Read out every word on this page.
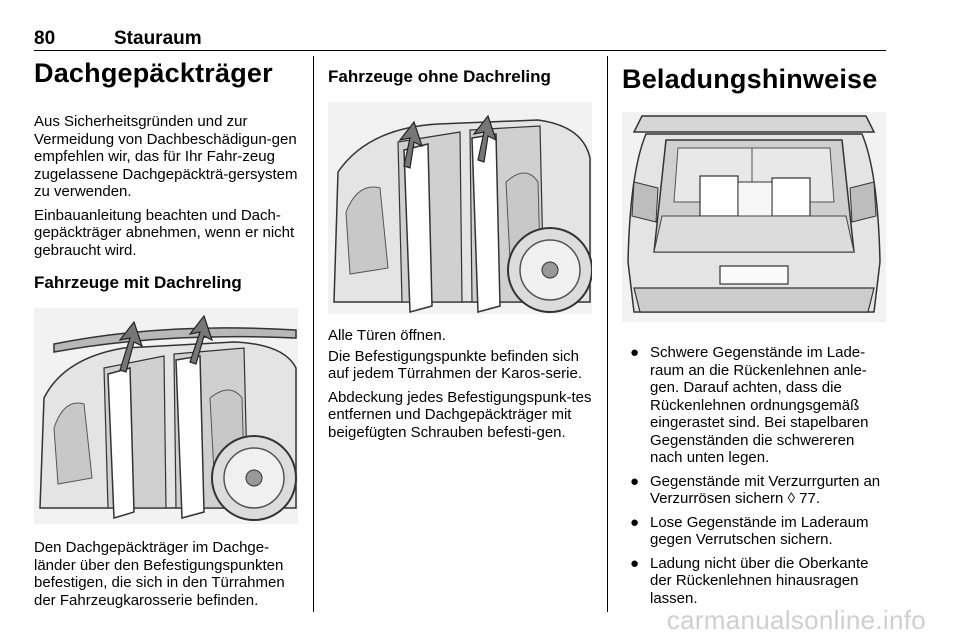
80	Stauraum
Dachgepäckträger

Aus Sicherheitsgründen und zur Vermeidung von Dachbeschädigun-gen empfehlen wir, das für Ihr Fahr-zeug zugelassene Dachgepäckträ-gersystem zu verwenden.

Einbauanleitung beachten und Dach-gepäckträger abnehmen, wenn er nicht gebraucht wird.

Fahrzeuge mit Dachreling

Den Dachgepäckträger im Dachge-länder über den Befestigungspunkten befestigen, die sich in den Türrahmen der Fahrzeugkarosserie befinden.

Fahrzeuge ohne Dachreling

Alle Türen öffnen.

Die Befestigungspunkte befinden sich auf jedem Türrahmen der Karos-serie.

Abdeckung jedes Befestigungspunk-tes entfernen und Dachgepäckträger mit beigefügten Schrauben befesti-gen.

Beladungshinweise
● Schwere Gegenstände im Lade-raum an die Rückenlehnen anle-gen. Darauf achten, dass die Rückenlehnen ordnungsgemäß eingerastet sind. Bei stapelbaren Gegenständen die schwereren nach unten legen.
● Gegenstände mit Verzurrgurten an Verzurrösen sichern ◊ 77.
● Lose Gegenstände im Laderaum gegen Verrutschen sichern.
● Ladung nicht über die Oberkante der Rückenlehnen hinausragen lassen.
carmanualsonline.info
